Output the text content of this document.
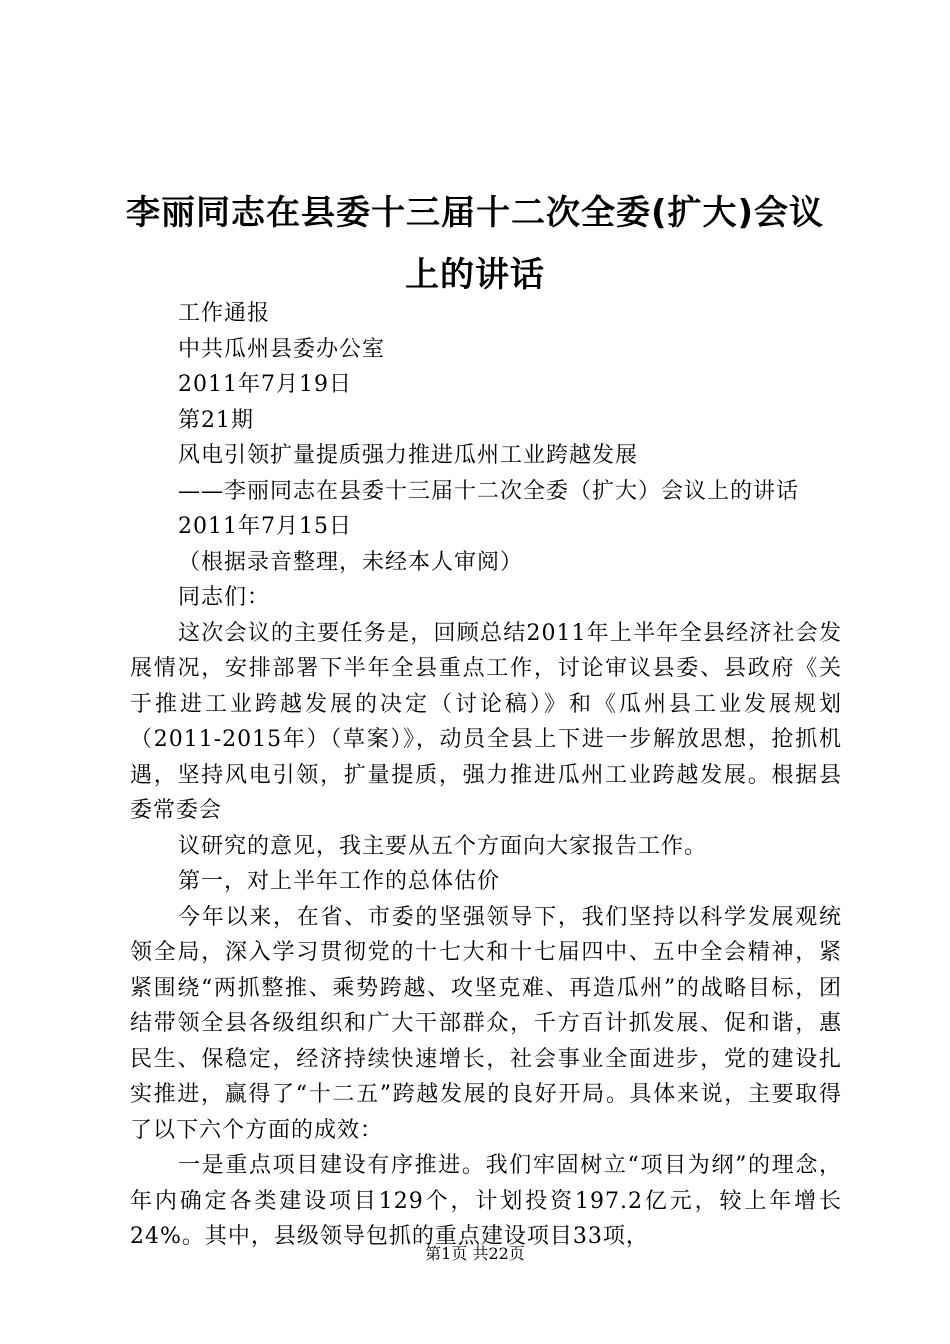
李丽同志在县委十三届十二次全委(扩大)会议
上的讲话

工作通报

中共瓜州县委办公室

2011年7月19日

第21期

风电引领扩量提质强力推进瓜州工业跨越发展

——李丽同志在县委十三届十二次全委（扩大）会议上的讲话

2011年7月15日

（根据录音整理，未经本人审阅）

同志们：

这次会议的主要任务是，回顾总结2011年上半年全县经济社会发展情况，安排部署下半年全县重点工作，讨论审议县委、县政府《关于推进工业跨越发展的决定（讨论稿）》和《瓜州县工业发展规划（2011-2015年）（草案）》，动员全县上下进一步解放思想，抢抓机遇，坚持风电引领，扩量提质，强力推进瓜州工业跨越发展。根据县委常委会

议研究的意见，我主要从五个方面向大家报告工作。

第一，对上半年工作的总体估价

今年以来，在省、市委的坚强领导下，我们坚持以科学发展观统领全局，深入学习贯彻党的十七大和十七届四中、五中全会精神，紧紧围绕“两抓整推、乘势跨越、攻坚克难、再造瓜州”的战略目标，团结带领全县各级组织和广大干部群众，千方百计抓发展、促和谐，惠民生、保稳定，经济持续快速增长，社会事业全面进步，党的建设扎实推进，赢得了“十二五”跨越发展的良好开局。具体来说，主要取得了以下六个方面的成效：

一是重点项目建设有序推进。我们牢固树立“项目为纲”的理念，年内确定各类建设项目129个，计划投资197.2亿元，较上年增长24%。其中，县级领导包抓的重点建设项目33项，

第1页 共22页
